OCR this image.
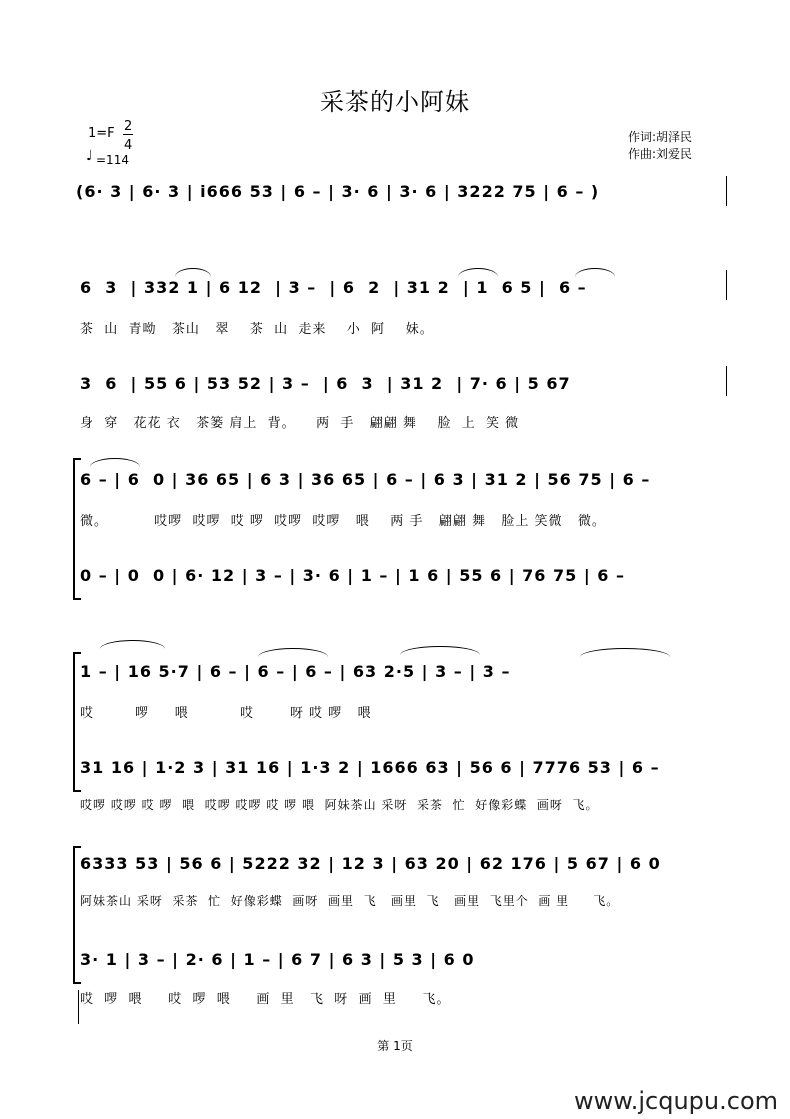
采茶的小阿妹
1=F 2
4
♩ =114
作词:胡泽民
作曲:刘爱民
(6· 3 | 6· 3 | i666 53 | 6 – | 3· 6 | 3· 6 | 3222 75 | 6 – )
6  3  | 332 1 | 6 12  | 3 –  | 6  2  | 31 2  | 1  6 5 |  6 –
茶  山  青呦   茶山   翠    茶  山  走来    小  阿    妹。
3  6  | 55 6 | 53 52 | 3 –  | 6  3  | 31 2  | 7· 6 | 5 67
身  穿   花花 衣   茶篓 肩上  背。    两  手   翩翩 舞    脸  上  笑 微
6 – | 6  0 | 36 65 | 6 3 | 36 65 | 6 – | 6 3 | 31 2 | 56 75 | 6 –
微。         哎啰  哎啰  哎 啰  哎啰  哎啰   喂    两 手   翩翩 舞   脸上 笑微   微。
0 – | 0  0 | 6· 12 | 3 – | 3· 6 | 1 – | 1 6 | 55 6 | 76 75 | 6 –
1 – | 16 5·7 | 6 – | 6 – | 6 – | 63 2·5 | 3 – | 3 –
哎        啰     喂          哎       呀 哎 啰   喂
31 16 | 1·2 3 | 31 16 | 1·3 2 | 1666 63 | 56 6 | 7776 53 | 6 –
哎啰 哎啰 哎 啰  喂  哎啰 哎啰 哎 啰 喂  阿妹茶山 采呀  采茶  忙  好像彩蝶  画呀  飞。
6333 53 | 56 6 | 5222 32 | 12 3 | 63 20 | 62 176 | 5 67 | 6 0
阿妹茶山 采呀  采茶  忙  好像彩蝶  画呀  画里  飞   画里  飞   画里  飞里个  画 里     飞。
3· 1 | 3 – | 2· 6 | 1 – | 6 7 | 6 3 | 5 3 | 6 0
哎  啰  喂     哎  啰  喂     画  里   飞  呀  画  里     飞。
第 1页
www.jcqupu.com
